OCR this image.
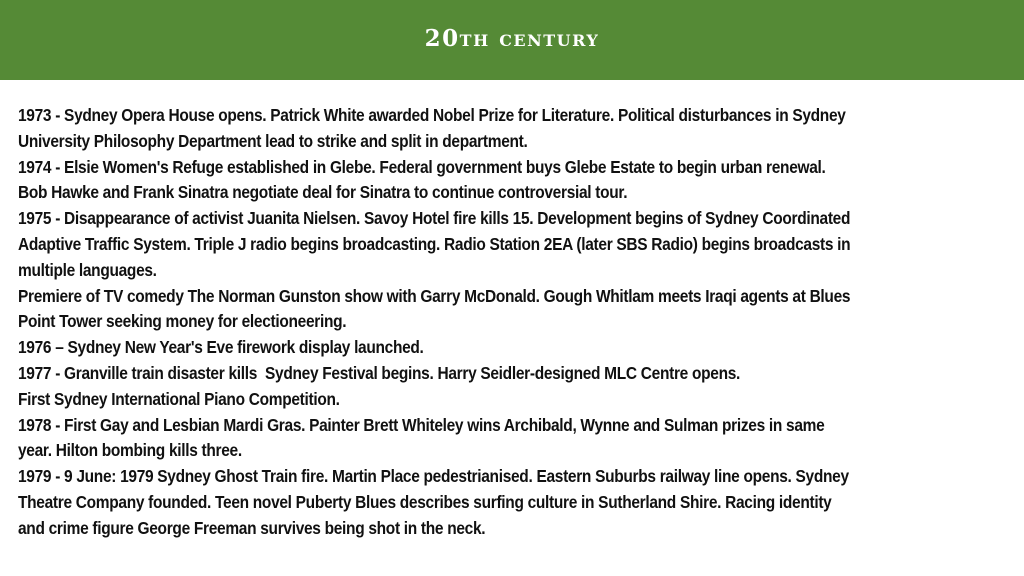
20th century
1973 - Sydney Opera House opens. Patrick White awarded Nobel Prize for Literature. Political disturbances in Sydney
University Philosophy Department lead to strike and split in department.
1974 - Elsie Women's Refuge established in Glebe. Federal government buys Glebe Estate to begin urban renewal.
Bob Hawke and Frank Sinatra negotiate deal for Sinatra to continue controversial tour.
1975 - Disappearance of activist Juanita Nielsen. Savoy Hotel fire kills 15. Development begins of Sydney Coordinated
Adaptive Traffic System. Triple J radio begins broadcasting. Radio Station 2EA (later SBS Radio) begins broadcasts in
multiple languages.
Premiere of TV comedy The Norman Gunston show with Garry McDonald. Gough Whitlam meets Iraqi agents at Blues
Point Tower seeking money for electioneering.
1976 – Sydney New Year's Eve firework display launched.
1977 - Granville train disaster kills  Sydney Festival begins. Harry Seidler-designed MLC Centre opens.
First Sydney International Piano Competition.
1978 - First Gay and Lesbian Mardi Gras. Painter Brett Whiteley wins Archibald, Wynne and Sulman prizes in same
year. Hilton bombing kills three.
1979 - 9 June: 1979 Sydney Ghost Train fire. Martin Place pedestrianised. Eastern Suburbs railway line opens. Sydney
Theatre Company founded. Teen novel Puberty Blues describes surfing culture in Sutherland Shire. Racing identity
and crime figure George Freeman survives being shot in the neck.
